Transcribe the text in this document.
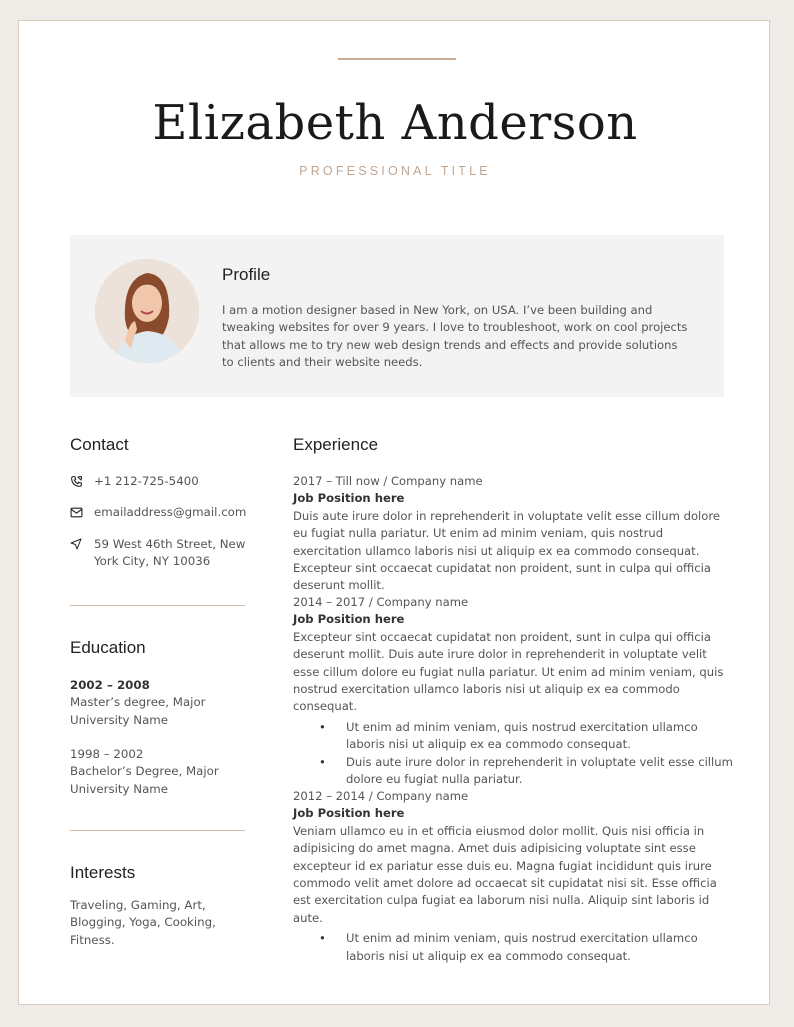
Elizabeth Anderson
PROFESSIONAL TITLE
Profile
I am a motion designer based in New York, on USA. I’ve been building and tweaking websites for over 9 years. I love to troubleshoot, work on cool projects that allows me to try new web design trends and effects and provide solutions to clients and their website needs.
Contact
+1 212-725-5400
emailaddress@gmail.com
59 West 46th Street, New
York City, NY 10036
Education
2002 – 2008
Master’s degree, Major
University Name
1998 – 2002
Bachelor’s Degree, Major
University Name
Interests
Traveling, Gaming, Art, Blogging, Yoga, Cooking, Fitness.
Experience
2017 – Till now / Company name
Job Position here
Duis aute irure dolor in reprehenderit in voluptate velit esse cillum dolore eu fugiat nulla pariatur. Ut enim ad minim veniam, quis nostrud exercitation ullamco laboris nisi ut aliquip ex ea commodo consequat. Excepteur sint occaecat cupidatat non proident, sunt in culpa qui officia deserunt mollit.
2014 – 2017 / Company name
Job Position here
Excepteur sint occaecat cupidatat non proident, sunt in culpa qui officia deserunt mollit. Duis aute irure dolor in reprehenderit in voluptate velit esse cillum dolore eu fugiat nulla pariatur. Ut enim ad minim veniam, quis nostrud exercitation ullamco laboris nisi ut aliquip ex ea commodo consequat.
• Ut enim ad minim veniam, quis nostrud exercitation ullamco laboris nisi ut aliquip ex ea commodo consequat.
• Duis aute irure dolor in reprehenderit in voluptate velit esse cillum dolore eu fugiat nulla pariatur.
2012 – 2014 / Company name
Job Position here
Veniam ullamco eu in et officia eiusmod dolor mollit. Quis nisi officia in adipisicing do amet magna. Amet duis adipisicing voluptate sint esse excepteur id ex pariatur esse duis eu. Magna fugiat incididunt quis irure commodo velit amet dolore ad occaecat sit cupidatat nisi sit. Esse officia est exercitation culpa fugiat ea laborum nisi nulla. Aliquip sint laboris id aute.
• Ut enim ad minim veniam, quis nostrud exercitation ullamco laboris nisi ut aliquip ex ea commodo consequat.
